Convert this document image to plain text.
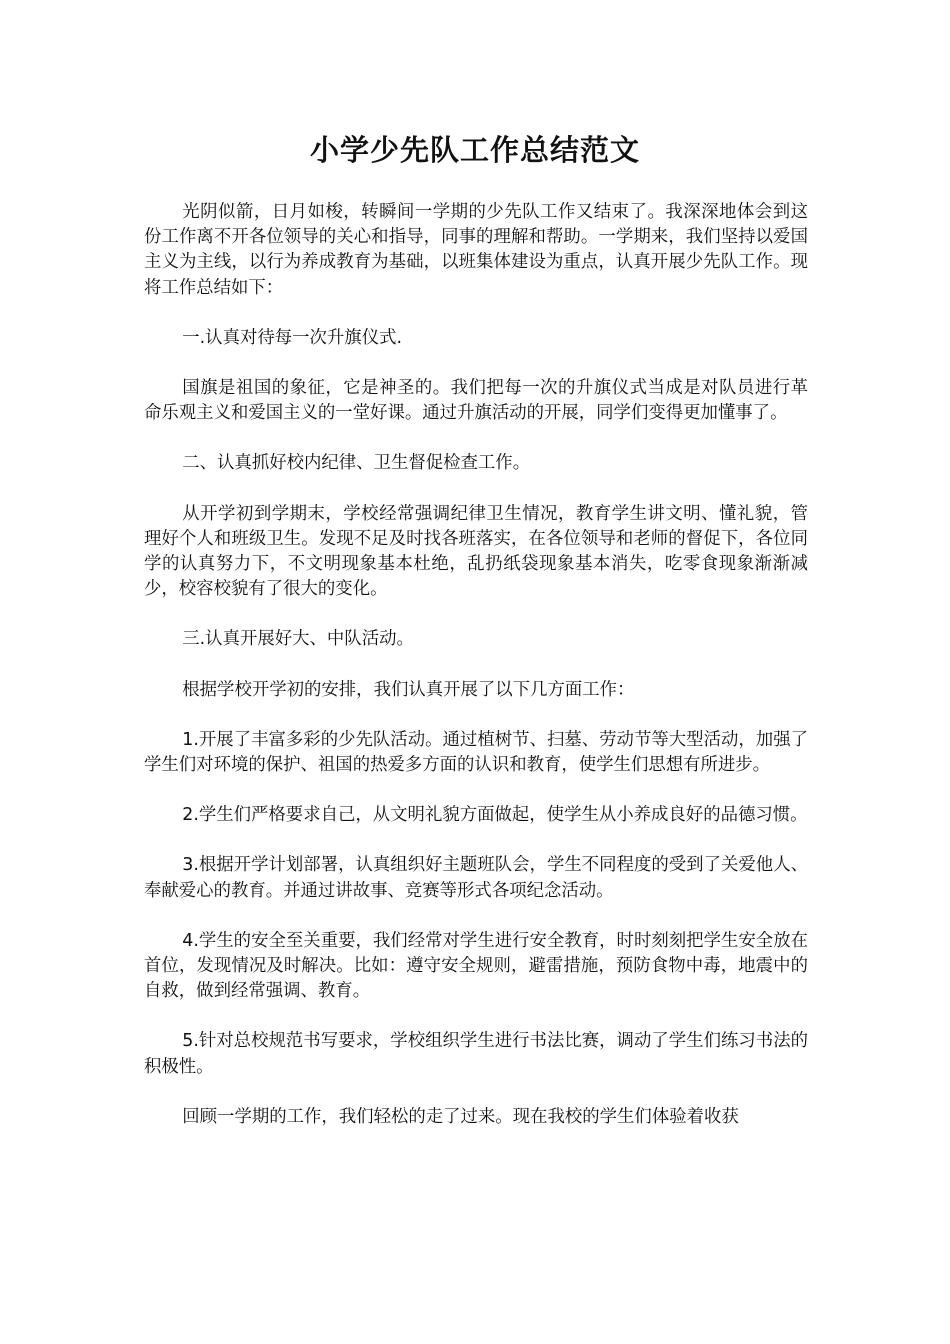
小学少先队工作总结范文

光阴似箭，日月如梭，转瞬间一学期的少先队工作又结束了。我深深地体会到这份工作离不开各位领导的关心和指导，同事的理解和帮助。一学期来，我们坚持以爱国主义为主线，以行为养成教育为基础，以班集体建设为重点，认真开展少先队工作。现将工作总结如下：

一.认真对待每一次升旗仪式.

国旗是祖国的象征，它是神圣的。我们把每一次的升旗仪式当成是对队员进行革命乐观主义和爱国主义的一堂好课。通过升旗活动的开展，同学们变得更加懂事了。

二、认真抓好校内纪律、卫生督促检查工作。

从开学初到学期末，学校经常强调纪律卫生情况，教育学生讲文明、懂礼貌，管理好个人和班级卫生。发现不足及时找各班落实，在各位领导和老师的督促下，各位同学的认真努力下，不文明现象基本杜绝，乱扔纸袋现象基本消失，吃零食现象渐渐减少，校容校貌有了很大的变化。

三.认真开展好大、中队活动。

根据学校开学初的安排，我们认真开展了以下几方面工作：

1.开展了丰富多彩的少先队活动。通过植树节、扫墓、劳动节等大型活动，加强了学生们对环境的保护、祖国的热爱多方面的认识和教育，使学生们思想有所进步。

2.学生们严格要求自己，从文明礼貌方面做起，使学生从小养成良好的品德习惯。

3.根据开学计划部署，认真组织好主题班队会，学生不同程度的受到了关爱他人、奉献爱心的教育。并通过讲故事、竞赛等形式各项纪念活动。

4.学生的安全至关重要，我们经常对学生进行安全教育，时时刻刻把学生安全放在首位，发现情况及时解决。比如：遵守安全规则，避雷措施，预防食物中毒，地震中的自救，做到经常强调、教育。

5.针对总校规范书写要求，学校组织学生进行书法比赛，调动了学生们练习书法的积极性。

回顾一学期的工作，我们轻松的走了过来。现在我校的学生们体验着收获
